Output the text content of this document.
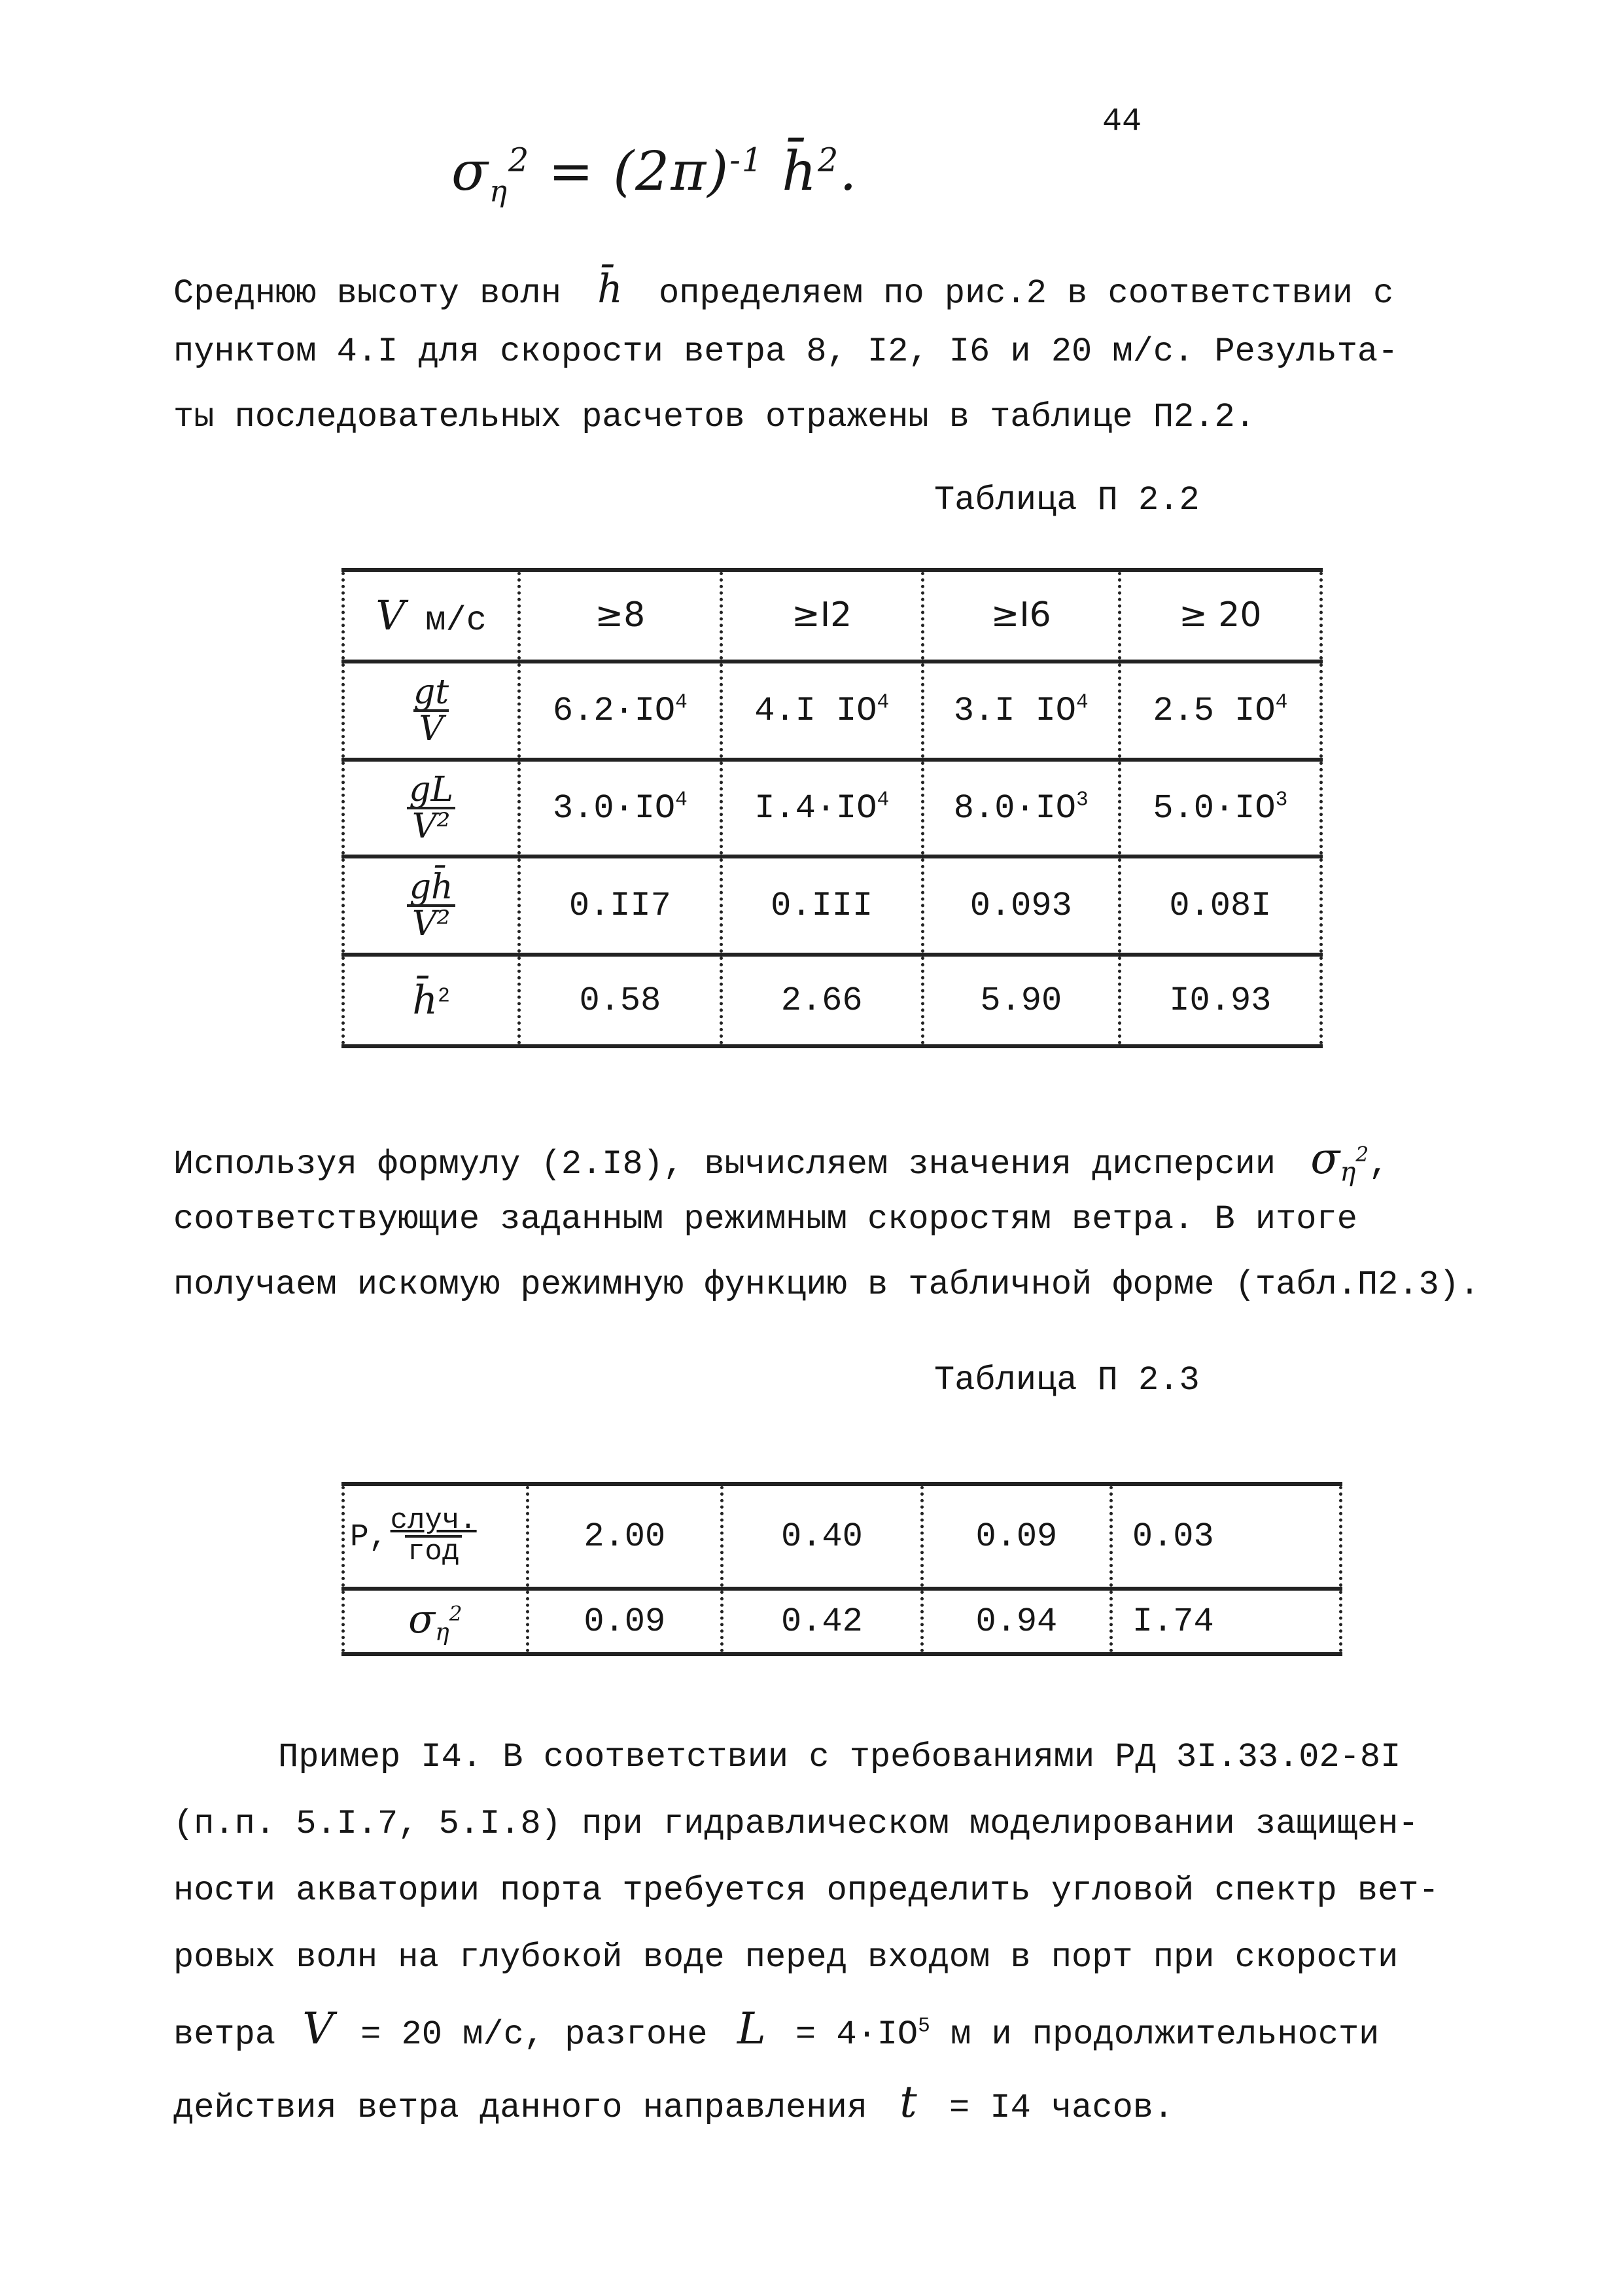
44
$\sigma_\eta^2 = (2\pi)^{-1}$ h̄$^2$.
Среднюю высоту волн h̄ определяем по рис.2 в соответствии с
пунктом 4.I для скорости ветра 8, I2, I6 и 20 м/с. Результа-
ты последовательных расчетов отражены в таблице П2.2.
Таблица П 2.2
V м/с	≥8	≥I2	≥I6	≥ 20

$\frac{gt}{V}$	$6.2\cdot IO^4$	4.I $IO^4$	3.I $IO^4$	2.5 $IO^4$

$\frac{gL}{\text{V²}}$	$3.0\cdot IO^4$	$I.4\cdot IO^4$	$8.0\cdot IO^3$	$5.0\cdot IO^3$

$\frac{gh̄}{\text{V²}}$	0.II7	0.III	0.093	0.08I
h̄$^2$	0.58	2.66	5.90	I0.93
Используя формулу (2.I8), вычисляем значения дисперсии $\sigma_\eta^2$,
соответствующие заданным режимным скоростям ветра. В итоге
получаем искомую режимную функцию в табличной форме (табл.П2.3).
Таблица П 2.3
P, $\frac{\text{случ.}}{\text{год}}$	2.00	0.40	0.09	0.03
$\sigma_\eta^2$	0.09	0.42	0.94	I.74
Пример I4. В соответствии с требованиями РД 3I.33.02-8I
(п.п. 5.I.7, 5.I.8) при гидравлическом моделировании защищен-
ности акватории порта требуется определить угловой спектр вет-
ровых волн на глубокой воде перед входом в порт при скорости
ветра V = 20 м/с, разгоне $L = 4\cdot IO^5$ м и продолжительности
действия ветра данного направления t = I4 часов.
